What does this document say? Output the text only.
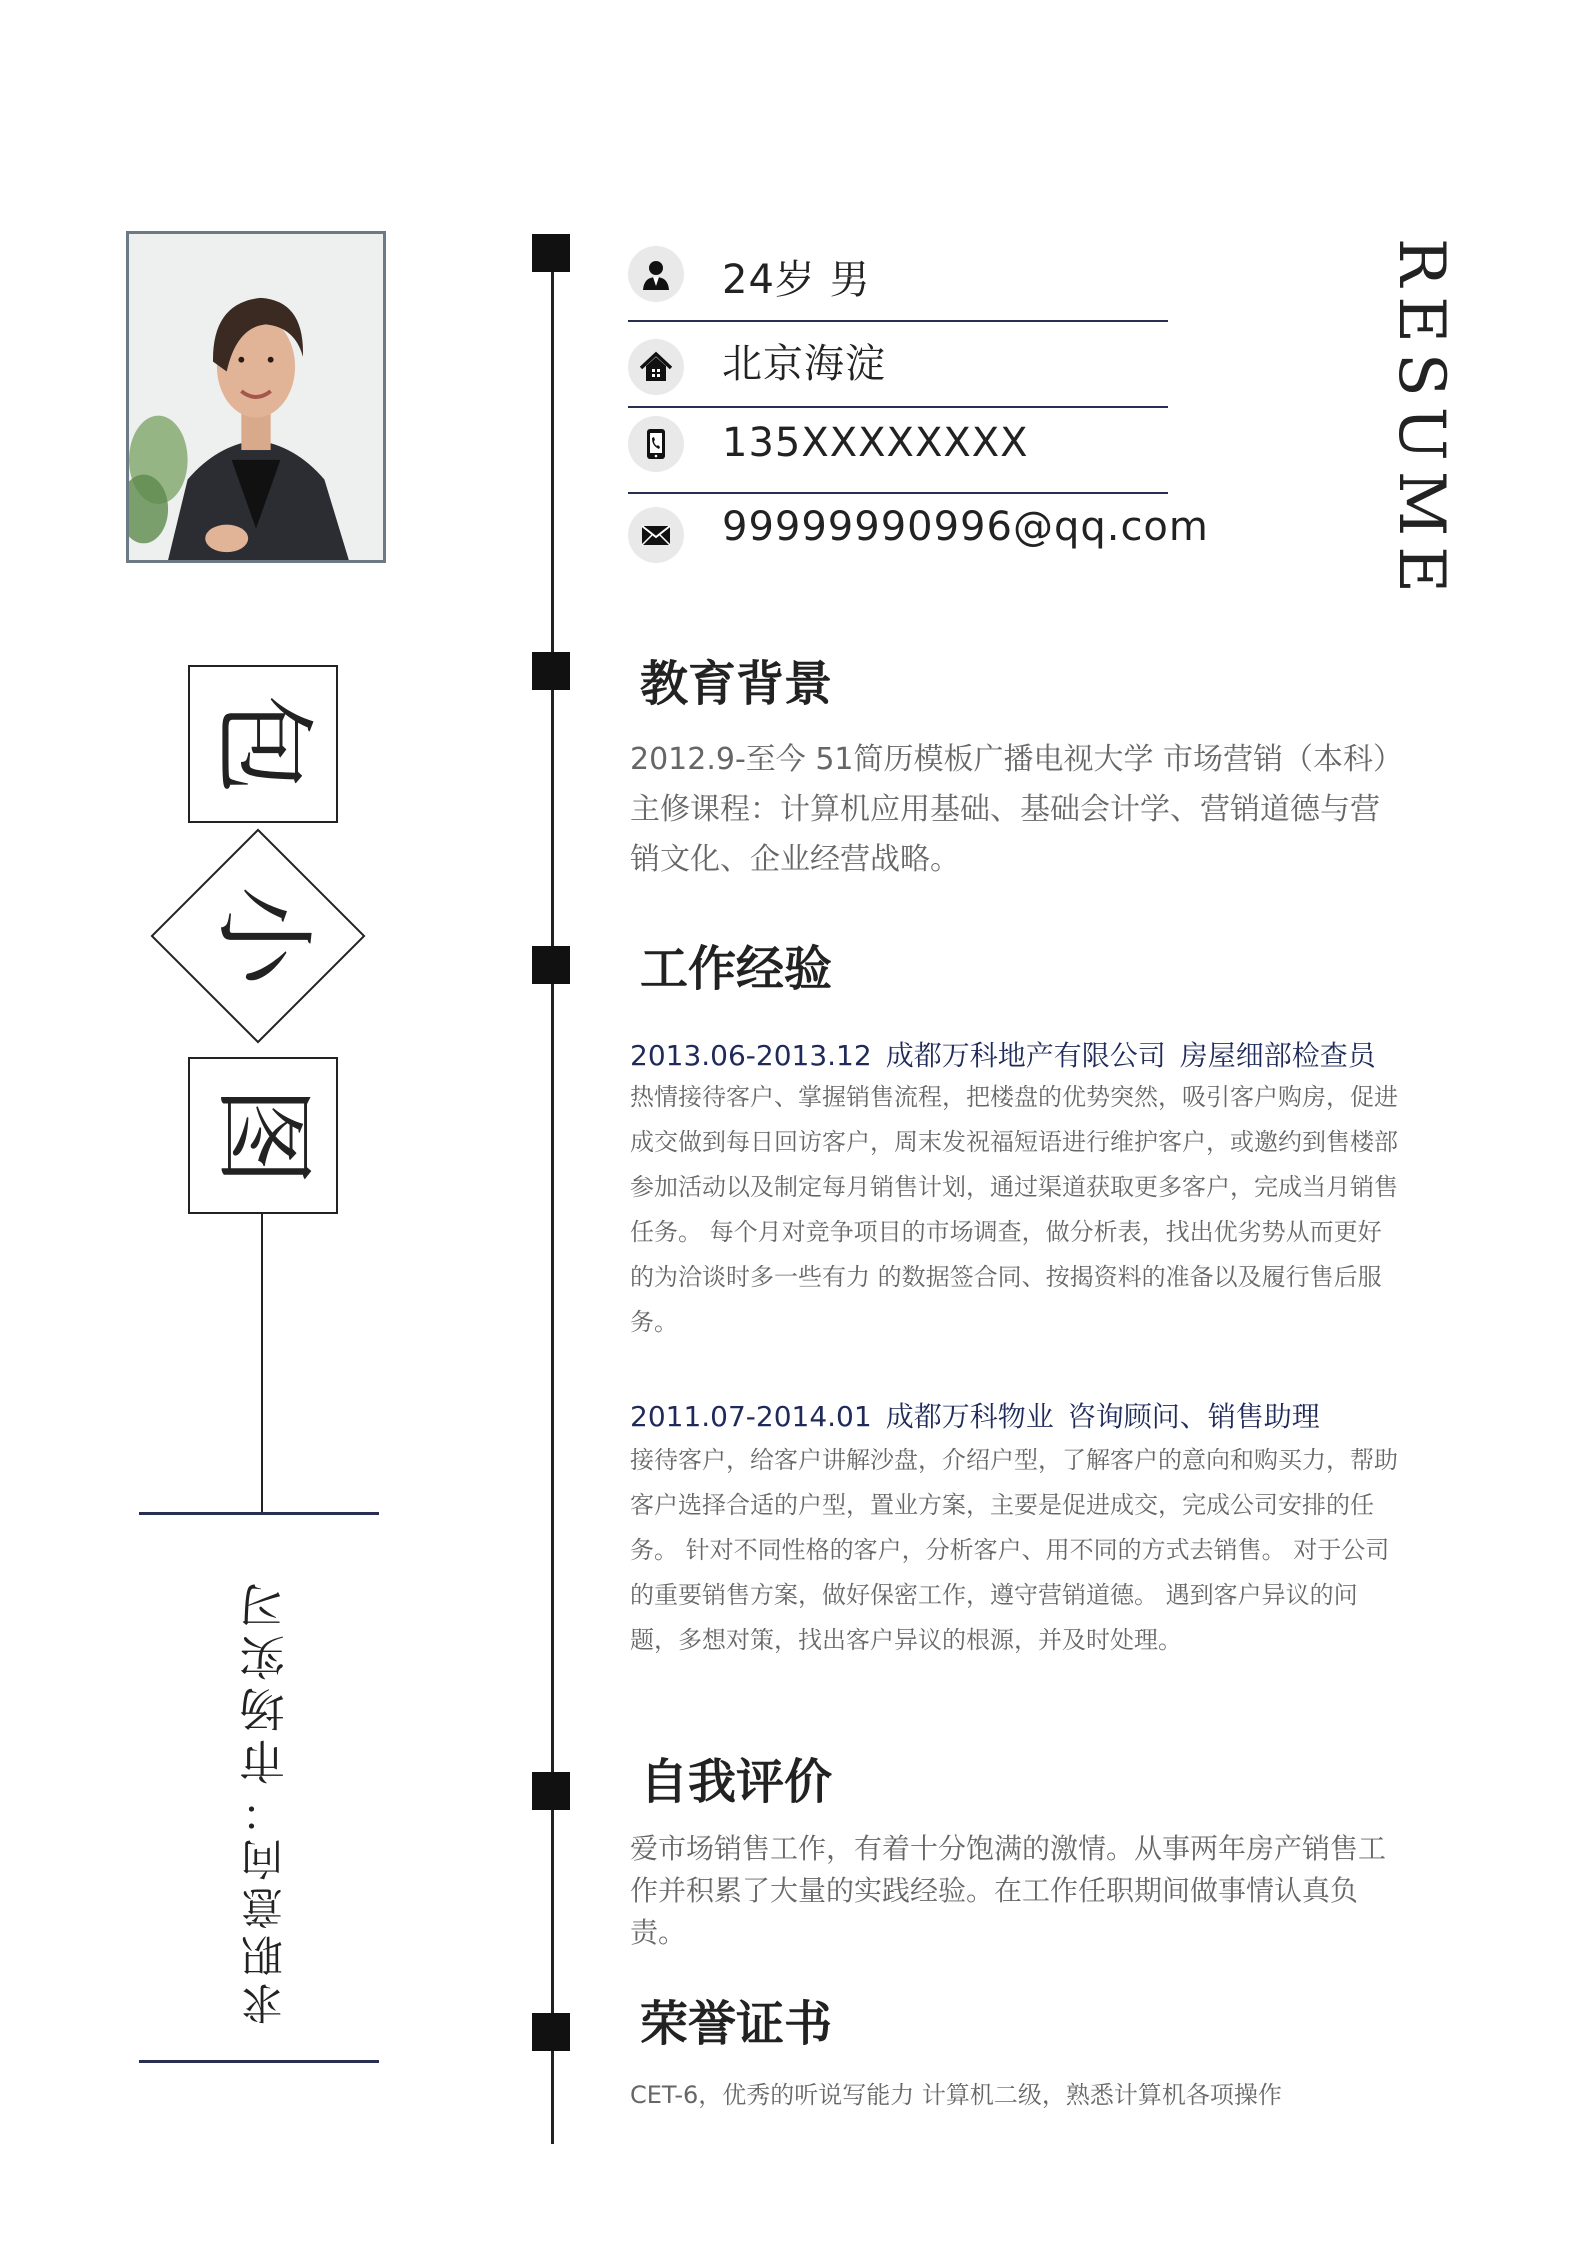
包
小
图
求职意向：市场实习
24岁 男
北京海淀
135XXXXXXXX
99999990996@qq.com	RESUME
教育背景
2012.9-至今 51简历模板广播电视大学 市场营销（本科）主修课程：计算机应用基础、基础会计学、营销道德与营销文化、企业经营战略。
工作经验
2013.06-2013.12 成都万科地产有限公司 房屋细部检查员
热情接待客户、掌握销售流程，把楼盘的优势突然，吸引客户购房，促进成交做到每日回访客户，周末发祝福短语进行维护客户，或邀约到售楼部参加活动以及制定每月销售计划，通过渠道获取更多客户，完成当月销售任务。 每个月对竞争项目的市场调查，做分析表，找出优劣势从而更好的为洽谈时多一些有力 的数据签合同、按揭资料的准备以及履行售后服务。
2011.07-2014.01 成都万科物业 咨询顾问、销售助理
接待客户，给客户讲解沙盘，介绍户型，了解客户的意向和购买力，帮助客户选择合适的户型，置业方案，主要是促进成交，完成公司安排的任务。 针对不同性格的客户，分析客户、用不同的方式去销售。 对于公司的重要销售方案，做好保密工作，遵守营销道德。 遇到客户异议的问题，多想对策，找出客户异议的根源，并及时处理。
自我评价
爱市场销售工作，有着十分饱满的激情。从事两年房产销售工作并积累了大量的实践经验。在工作任职期间做事情认真负责。
荣誉证书
CET-6，优秀的听说写能力 计算机二级，熟悉计算机各项操作
